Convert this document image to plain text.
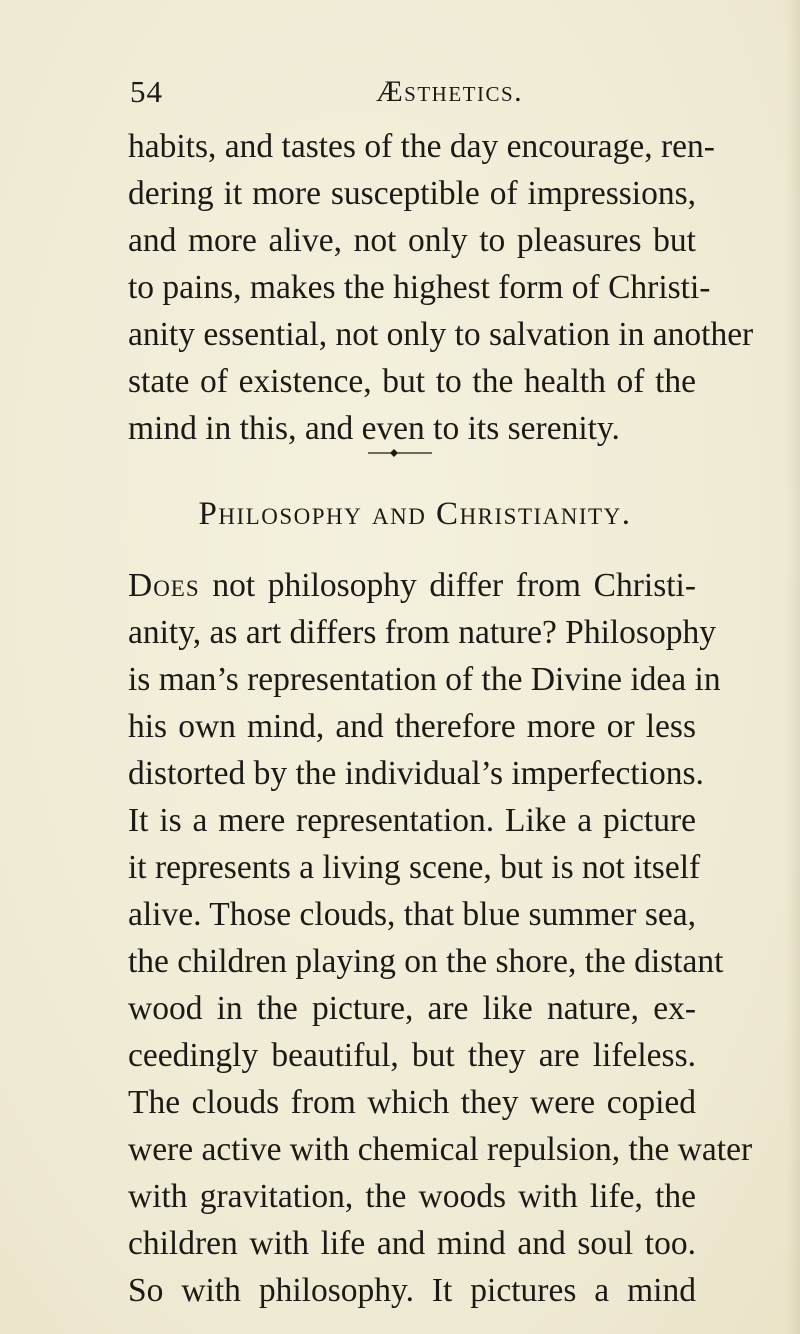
54	Æsthetics.
habits, and tastes of the day encourage, ren-
dering it more susceptible of impressions,
and more alive, not only to pleasures but
to pains, makes the highest form of Christi-
anity essential, not only to salvation in another
state of existence, but to the health of the
mind in this, and even to its serenity.
Philosophy and Christianity.
Does not philosophy differ from Christi-
anity, as art differs from nature? Philosophy
is man’s representation of the Divine idea in
his own mind, and therefore more or less
distorted by the individual’s imperfections.
It is a mere representation. Like a picture
it represents a living scene, but is not itself
alive. Those clouds, that blue summer sea,
the children playing on the shore, the distant
wood in the picture, are like nature, ex-
ceedingly beautiful, but they are lifeless.
The clouds from which they were copied
were active with chemical repulsion, the water
with gravitation, the woods with life, the
children with life and mind and soul too.
So with philosophy. It pictures a mind
